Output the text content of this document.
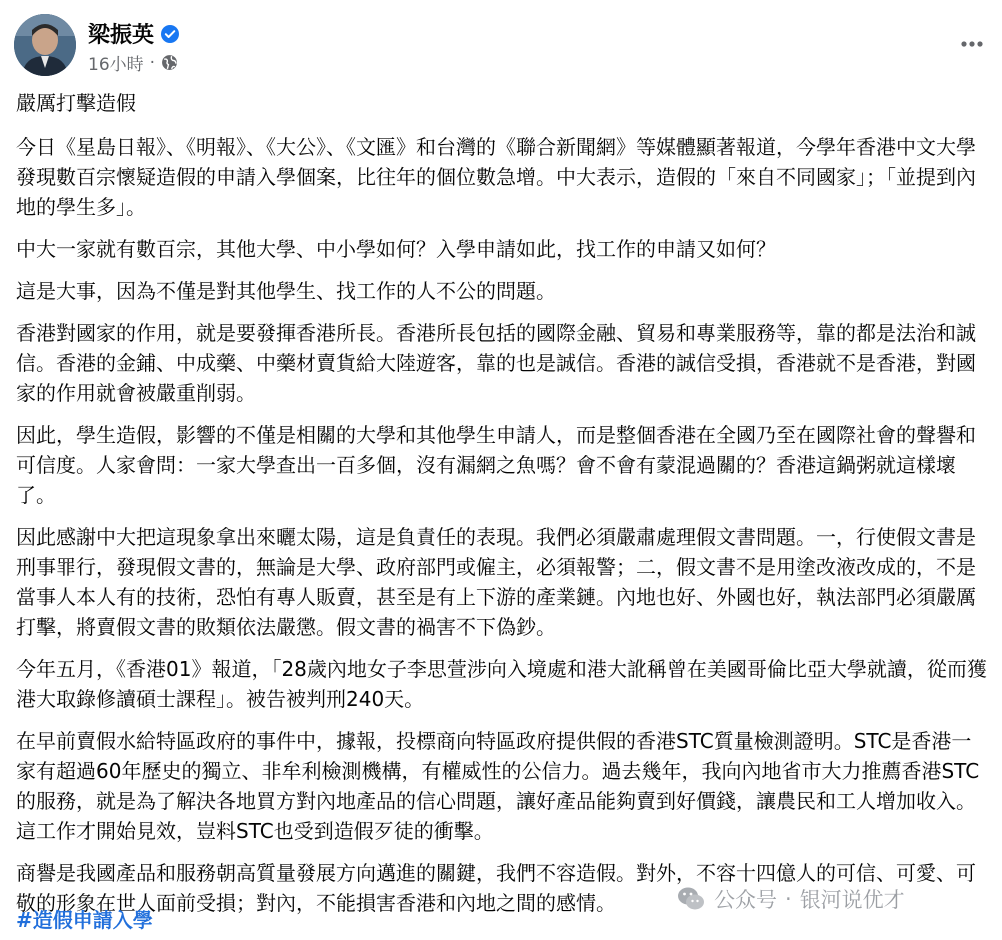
梁振英
16小時 ·

嚴厲打擊造假

今日《星島日報》、《明報》、《大公》、《文匯》和台灣的《聯合新聞網》等媒體顯著報道，今學年香港中文大學發現數百宗懷疑造假的申請入學個案，比往年的個位數急增。中大表示，造假的「來自不同國家」；「並提到內地的學生多」。

中大一家就有數百宗，其他大學、中小學如何？入學申請如此，找工作的申請又如何？

這是大事，因為不僅是對其他學生、找工作的人不公的問題。

香港對國家的作用，就是要發揮香港所長。香港所長包括的國際金融、貿易和專業服務等，靠的都是法治和誠信。香港的金鋪、中成藥、中藥材賣貨給大陸遊客，靠的也是誠信。香港的誠信受損，香港就不是香港，對國家的作用就會被嚴重削弱。

因此，學生造假，影響的不僅是相關的大學和其他學生申請人，而是整個香港在全國乃至在國際社會的聲譽和可信度。人家會問：一家大學查出一百多個，沒有漏網之魚嗎？會不會有蒙混過關的？香港這鍋粥就這樣壞了。

因此感謝中大把這現象拿出來曬太陽，這是負責任的表現。我們必須嚴肅處理假文書問題。一，行使假文書是刑事罪行，發現假文書的，無論是大學、政府部門或僱主，必須報警；二，假文書不是用塗改液改成的，不是當事人本人有的技術，恐怕有專人販賣，甚至是有上下游的產業鏈。內地也好、外國也好，執法部門必須嚴厲打擊，將賣假文書的敗類依法嚴懲。假文書的禍害不下偽鈔。

今年五月，《香港01》報道，「28歲內地女子李思萱涉向入境處和港大訛稱曾在美國哥倫比亞大學就讀，從而獲港大取錄修讀碩士課程」。被告被判刑240天。

在早前賣假水給特區政府的事件中，據報，投標商向特區政府提供假的香港STC質量檢測證明。STC是香港一家有超過60年歷史的獨立、非牟利檢測機構，有權威性的公信力。過去幾年，我向內地省市大力推薦香港STC的服務，就是為了解決各地買方對內地產品的信心問題，讓好產品能夠賣到好價錢，讓農民和工人增加收入。這工作才開始見效，豈料STC也受到造假歹徒的衝擊。

商譽是我國產品和服務朝高質量發展方向邁進的關鍵，我們不容造假。對外，不容十四億人的可信、可愛、可敬的形象在世人面前受損；對內，不能損害香港和內地之間的感情。

#造假申請入學
公众号 · 银河说优才
